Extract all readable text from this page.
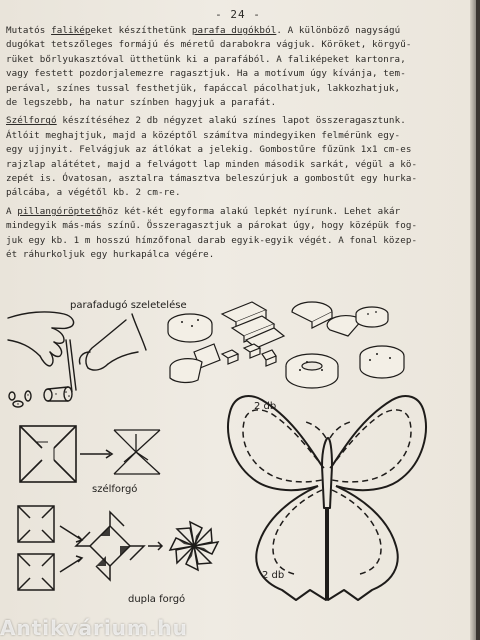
- 24 -
Mutatós faliképeket készíthetünk parafa dugókból. A különböző nagyságú
dugókat tetszőleges formájú és méretű darabokra vágjuk. Köröket, körgyű-
rüket bőrlyukasztóval ütthetünk ki a parafából. A faliképeket kartonra,
vagy festett pozdorjalemezre ragasztjuk. Ha a motívum úgy kívánja, tem-
perával, színes tussal festhetjük, fapáccal pácolhatjuk, lakkozhatjuk,
de legszebb, ha natur színben hagyjuk a parafát.
Szélforgó készítéséhez 2 db négyzet alakú színes lapot összeragasztunk.
Átlóit meghajtjuk, majd a középtől számítva mindegyiken felmérünk egy-
egy ujjnyit. Felvágjuk az átlókat a jelekig. Gombostűre fűzünk 1x1 cm-es
rajzlap alátétet, majd a felvágott lap minden második sarkát, végül a kö-
zepét is. Óvatosan, asztalra támasztva beleszúrjuk a gombostűt egy hurka-
pálcába, a végétől kb. 2 cm-re.
A pillangóröptetőhöz két-két egyforma alakú lepkét nyírunk. Lehet akár
mindegyik más-más színű. Összeragasztjuk a párokat úgy, hogy középük fog-
juk egy kb. 1 m hosszú hímzőfonal darab egyik-egyik végét. A fonal közep-
ét ráhurkoljuk egy hurkapálca végére.
parafadugó szeletelése
szélforgó
dupla forgó
2 db
2 db
Antikvárium.hu
